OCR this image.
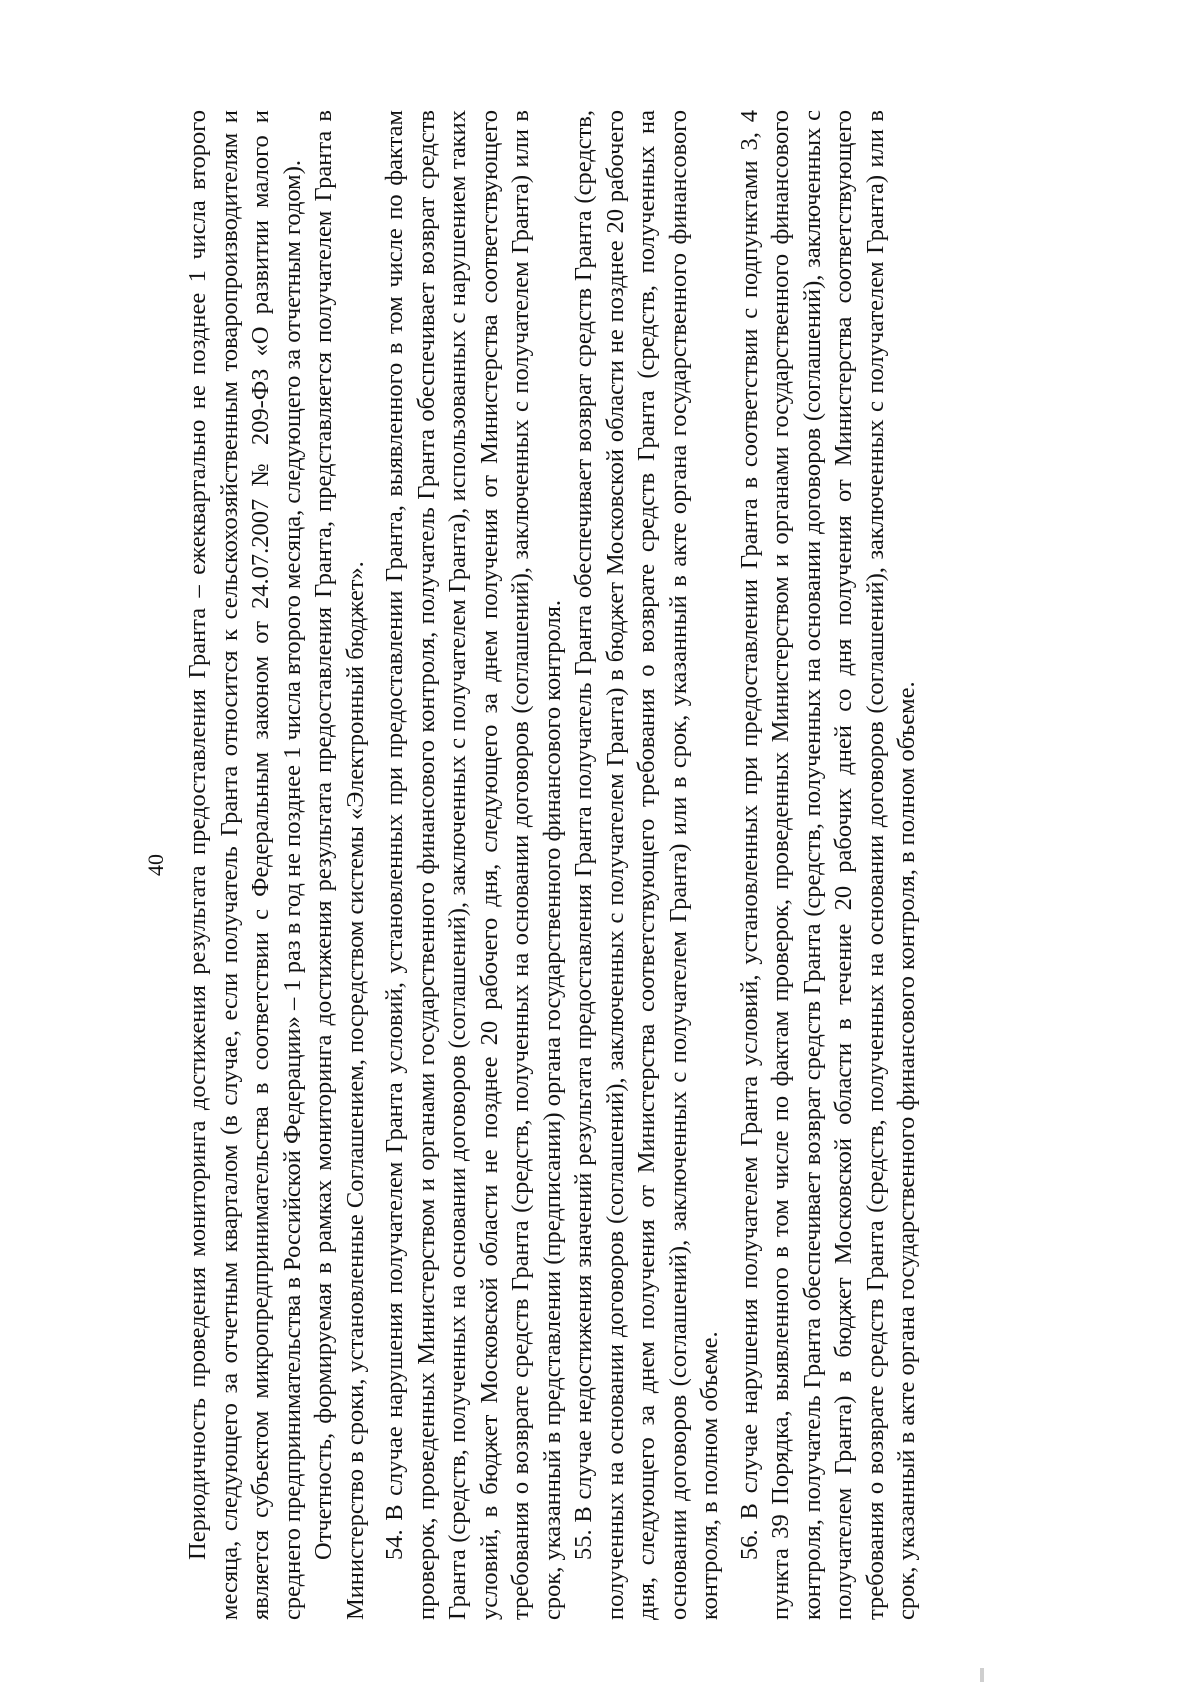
40 Периодичность проведения мониторинга достижения результата предоставления Гранта – ежеквартально не позднее 1 числа второго месяца, следующего за отчетным кварталом (в случае, если получатель Гранта относится к сельскохозяйственным товаропроизводителям и является субъектом микропредпринимательства в соответствии с Федеральным законом от 24.07.2007 № 209-ФЗ «О развитии малого и среднего предпринимательства в Российской Федерации» – 1 раз в год не позднее 1 числа второго месяца, следующего за отчетным годом). Отчетность, формируемая в рамках мониторинга достижения результата предоставления Гранта, представляется получателем Гранта в Министерство в сроки, установленные Соглашением, посредством системы «Электронный бюджет». 54. В случае нарушения получателем Гранта условий, установленных при предоставлении Гранта, выявленного в том числе по фактам проверок, проведенных Министерством и органами государственного финансового контроля, получатель Гранта обеспечивает возврат средств Гранта (средств, полученных на основании договоров (соглашений), заключенных с получателем Гранта), использованных с нарушением таких условий, в бюджет Московской области не позднее 20 рабочего дня, следующего за днем получения от Министерства соответствующего требования о возврате средств Гранта (средств, полученных на основании договоров (соглашений), заключенных с получателем Гранта) или в срок, указанный в представлении (предписании) органа государственного финансового контроля. 55. В случае недостижения значений результата предоставления Гранта получатель Гранта обеспечивает возврат средств Гранта (средств, полученных на основании договоров (соглашений), заключенных с получателем Гранта) в бюджет Московской области не позднее 20 рабочего дня, следующего за днем получения от Министерства соответствующего требования о возврате средств Гранта (средств, полученных на основании договоров (соглашений), заключенных с получателем Гранта) или в срок, указанный в акте органа государственного финансового контроля, в полном объеме. 56. В случае нарушения получателем Гранта условий, установленных при предоставлении Гранта в соответствии с подпунктами 3, 4 пункта 39 Порядка, выявленного в том числе по фактам проверок, проведенных Министерством и органами государственного финансового контроля, получатель Гранта обеспечивает возврат средств Гранта (средств, полученных на основании договоров (соглашений), заключенных с получателем Гранта) в бюджет Московской области в течение 20 рабочих дней со дня получения от Министерства соответствующего требования о возврате средств Гранта (средств, полученных на основании договоров (соглашений), заключенных с получателем Гранта) или в срок, указанный в акте органа государственного финансового контроля, в полном объеме.
